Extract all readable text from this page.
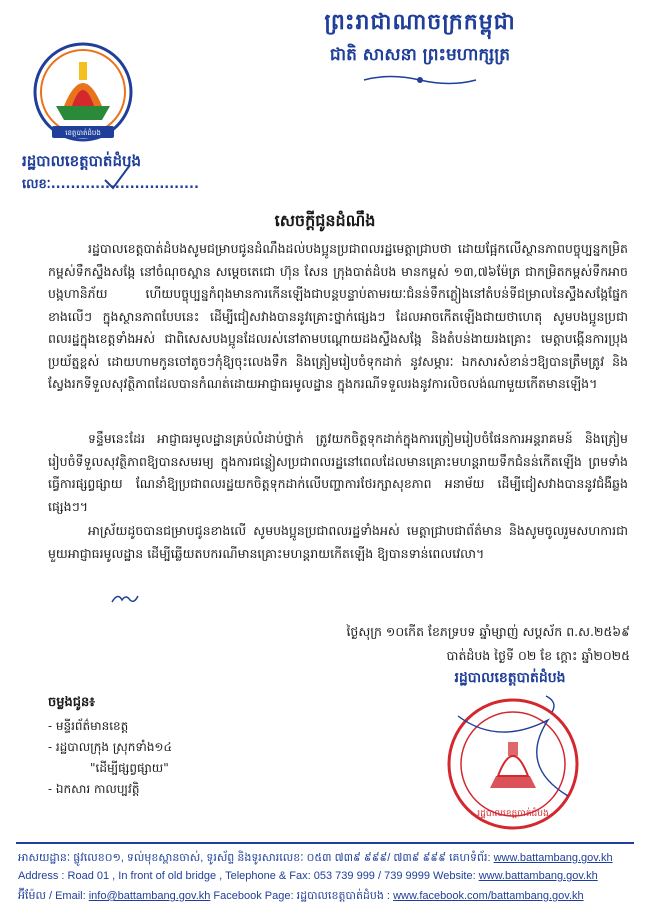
ព្រះរាជាណាចក្រកម្ពុជា
ជាតិ សាសនា ព្រះមហាក្សត្រ
ខេត្តបាត់ដំបង
រដ្ឋបាលខេត្តបាត់ដំបង
លេខៈ..............................
សេចក្តីជូនដំណឹង

រដ្ឋបាលខេត្តបាត់ដំបងសូមជម្រាបជូនដំណឹងដល់បងប្អូនប្រជាពលរដ្ឋមេត្តាជ្រាបថា ដោយផ្អែកលើស្ថានភាពបច្ចុប្បន្នកម្រិតកម្ពស់ទឹកស្ទឹងសង្កែ នៅចំណុចស្ពាន សម្តេចតេជោ ហ៊ុន សែន ក្រុងបាត់ដំបង មានកម្ពស់ ១៣,៧៦ម៉ែត្រ ជាកម្រិតកម្ពស់ទឹកអាចបង្កហានិភ័យ ហើយបច្ចុប្បន្នកំពុងមានការកើនឡើងជាបន្តបន្ទាប់តាមរយៈជំនន់ទឹកភ្លៀងនៅតំបន់ទីជម្រាលនៃស្ទឹងសង្កែផ្នែកខាងលើៗ ក្នុងស្ថានភាពបែបនេះ ដើម្បីជៀសវាងបាននូវគ្រោះថ្នាក់ផ្សេងៗ ដែលអាចកើតឡើងជាយថាហេតុ សូមបងប្អូនប្រជាពលរដ្ឋក្នុងខេត្តទាំងអស់ ជាពិសេសបងប្អូនដែលរស់នៅតាមបណ្តោយដងស្ទឹងសង្កែ និងតំបន់ងាយរងគ្រោះ មេត្តាបង្កើនការប្រុងប្រយ័ត្នខ្ពស់ ដោយហាមកូនចៅតូចៗកុំឱ្យចុះលេងទឹក និងត្រៀមរៀបចំទុកដាក់ នូវសម្ភារៈ ឯកសារសំខាន់ៗឱ្យបានត្រឹមត្រូវ និងស្វែងរកទីទួលសុវត្ថិភាពដែលបានកំណត់ដោយអាជ្ញាធរមូលដ្ឋាន ក្នុងករណីទទួលរងនូវការលិចលង់ណាមួយកើតមានឡើង។

ទន្ទឹមនេះដែរ អាជ្ញាធរមូលដ្ឋានគ្រប់លំដាប់ថ្នាក់ ត្រូវយកចិត្តទុកដាក់ក្នុងការត្រៀមរៀបចំផែនការអន្តរាគមន៍ និងត្រៀមរៀបចំទីទួលសុវត្ថិភាពឱ្យបានសមរម្យ ក្នុងការជន្លៀសប្រជាពលរដ្ឋនៅពេលដែលមានគ្រោះមហន្តរាយទឹកជំនន់កើតឡើង ព្រមទាំងធ្វើការផ្សព្វផ្សាយ ណែនាំឱ្យប្រជាពលរដ្ឋយកចិត្តទុកដាក់លើបញ្ហាការថែរក្សាសុខភាព អនាម័យ ដើម្បីជៀសវាងបាននូវជំងឺឆ្លងផ្សេងៗ។

អាស្រ័យដូចបានជម្រាបជូនខាងលើ សូមបងប្អូនប្រជាពលរដ្ឋទាំងអស់ មេត្តាជ្រាបជាព័ត៌មាន និងសូមចូលរួមសហការជាមួយអាជ្ញាធរមូលដ្ឋាន ដើម្បីឆ្លើយតបករណីមានគ្រោះមហន្តរាយកើតឡើង ឱ្យបានទាន់ពេលវេលា។

ថ្ងៃសុក្រ ១០កើត ខែភទ្របទ ឆ្នាំម្សាញ់ សប្តស័ក ព.ស.២៥៦៩
បាត់ដំបង ថ្ងៃទី ០២ ខែ ក្តោះ ឆ្នាំ២០២៥
រដ្ឋបាលខេត្តបាត់ដំបង
រដ្ឋបាលខេត្តបាត់ដំបង
ចម្លងជូន៖
- មន្ទីរព័ត៌មានខេត្ត
- រដ្ឋបាលក្រុង ស្រុកទាំង១៤
"ដើម្បីផ្សព្វផ្សាយ"
- ឯកសារ កាលប្បវត្តិ
អាសយដ្ឋានៈ ផ្លូវលេខ០១, ទល់មុខស្ពានចាស់, ទូរស័ព្ទ និងទូរសារលេខៈ ០៥៣ ៧៣៩ ៩៩៩/ ៧៣៩ ៩៩៩ គេហទំព័រ: www.battambang.gov.kh
Address : Road 01 , In front of old bridge , Telephone & Fax: 053 739 999 / 739 9999 Website: www.battambang.gov.kh
អ៊ីម៉ែល / Email: info@battambang.gov.kh Facebook Page: រដ្ឋបាលខេត្តបាត់ដំបង : www.facebook.com/battambang.gov.kh
